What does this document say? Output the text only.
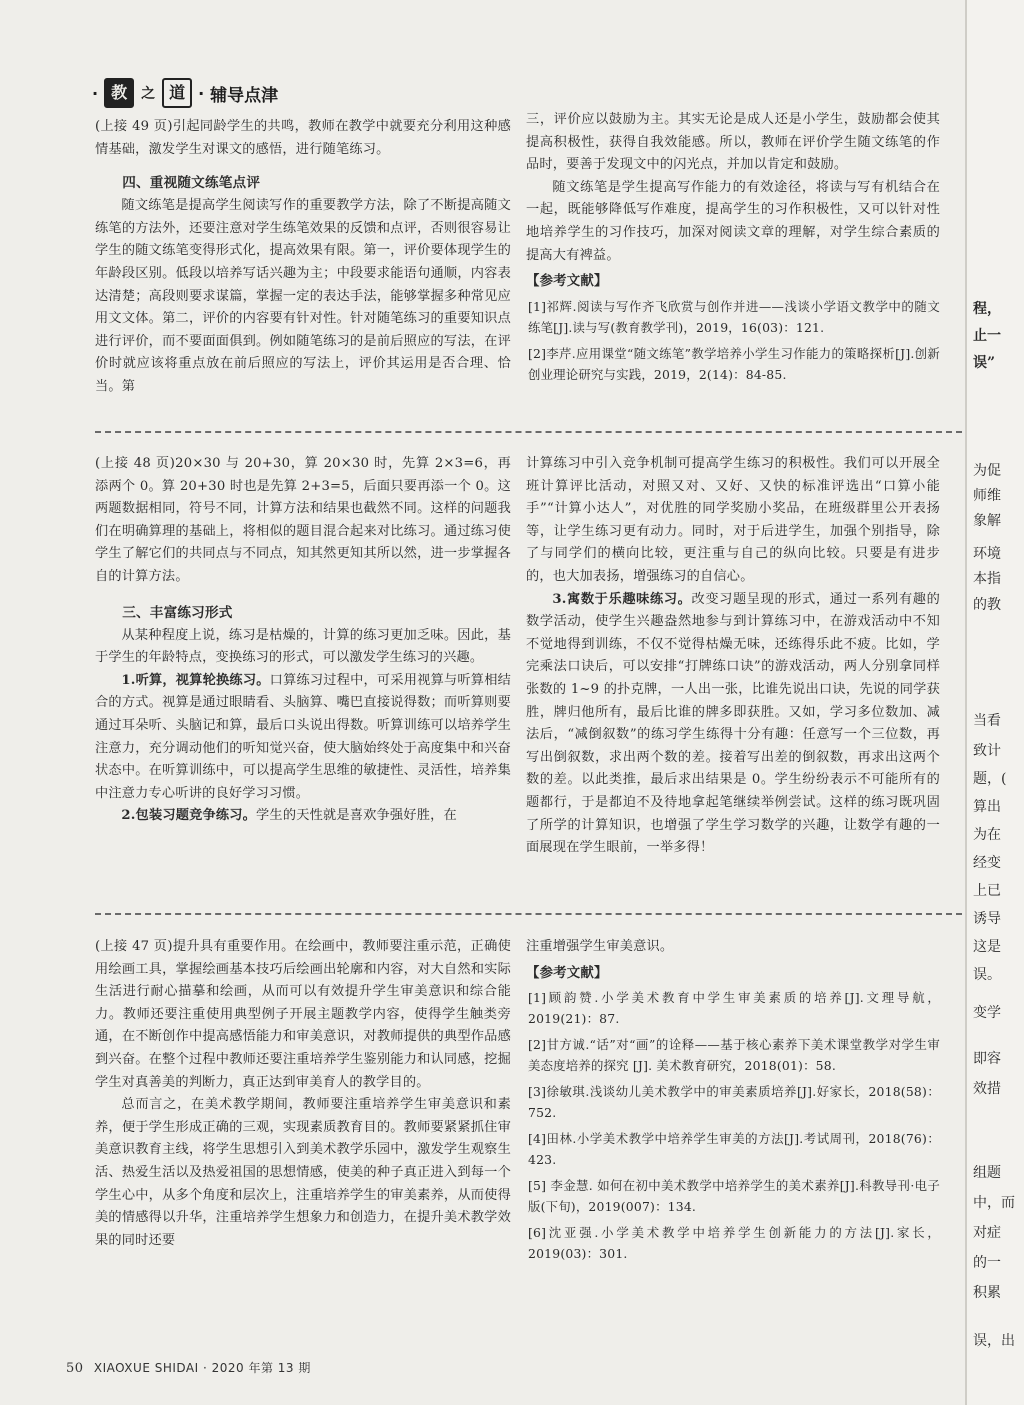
· 教	之 道 · 辅导点津

(上接 49 页)引起同龄学生的共鸣，教师在教学中就要充分利用这种感情基础，激发学生对课文的感悟，进行随笔练习。

四、重视随文练笔点评

随文练笔是提高学生阅读写作的重要教学方法，除了不断提高随文练笔的方法外，还要注意对学生练笔效果的反馈和点评，否则很容易让学生的随文练笔变得形式化，提高效果有限。第一，评价要体现学生的年龄段区别。低段以培养写话兴趣为主；中段要求能语句通顺，内容表达清楚；高段则要求谋篇，掌握一定的表达手法，能够掌握多种常见应用文文体。第二，评价的内容要有针对性。针对随笔练习的重要知识点进行评价，而不要面面俱到。例如随笔练习的是前后照应的写法，在评价时就应该将重点放在前后照应的写法上，评价其运用是否合理、恰当。第

三，评价应以鼓励为主。其实无论是成人还是小学生，鼓励都会使其提高积极性，获得自我效能感。所以，教师在评价学生随文练笔的作品时，要善于发现文中的闪光点，并加以肯定和鼓励。

随文练笔是学生提高写作能力的有效途径，将读与写有机结合在一起，既能够降低写作难度，提高学生的习作积极性，又可以针对性地培养学生的习作技巧，加深对阅读文章的理解，对学生综合素质的提高大有裨益。

【参考文献】

[1]祁辉.阅读与写作齐飞欣赏与创作并进——浅谈小学语文教学中的随文练笔[J].读与写(教育教学刊)，2019，16(03)：121.

[2]李芹.应用课堂“随文练笔”教学培养小学生习作能力的策略探析[J].创新创业理论研究与实践，2019，2(14)：84-85.

(上接 48 页)20×30 与 20+30，算 20×30 时，先算 2×3=6，再添两个 0。算 20+30 时也是先算 2+3=5，后面只要再添一个 0。这两题数据相同，符号不同，计算方法和结果也截然不同。这样的问题我们在明确算理的基础上，将相似的题目混合起来对比练习。通过练习使学生了解它们的共同点与不同点，知其然更知其所以然，进一步掌握各自的计算方法。

三、丰富练习形式

从某种程度上说，练习是枯燥的，计算的练习更加乏味。因此，基于学生的年龄特点，变换练习的形式，可以激发学生练习的兴趣。

1.听算，视算轮换练习。口算练习过程中，可采用视算与听算相结合的方式。视算是通过眼睛看、头脑算、嘴巴直接说得数；而听算则要通过耳朵听、头脑记和算，最后口头说出得数。听算训练可以培养学生注意力，充分调动他们的听知觉兴奋，使大脑始终处于高度集中和兴奋状态中。在听算训练中，可以提高学生思维的敏捷性、灵活性，培养集中注意力专心听讲的良好学习习惯。

2.包装习题竞争练习。学生的天性就是喜欢争强好胜，在

计算练习中引入竞争机制可提高学生练习的积极性。我们可以开展全班计算评比活动，对照又对、又好、又快的标准评选出“口算小能手”“计算小达人”，对优胜的同学奖励小奖品，在班级群里公开表扬等，让学生练习更有动力。同时，对于后进学生，加强个别指导，除了与同学们的横向比较，更注重与自己的纵向比较。只要是有进步的，也大加表扬，增强练习的自信心。

3.寓数于乐趣味练习。改变习题呈现的形式，通过一系列有趣的数学活动，使学生兴趣盎然地参与到计算练习中，在游戏活动中不知不觉地得到训练，不仅不觉得枯燥无味，还练得乐此不疲。比如，学完乘法口诀后，可以安排“打牌练口诀”的游戏活动，两人分别拿同样张数的 1~9 的扑克牌，一人出一张，比谁先说出口诀，先说的同学获胜，牌归他所有，最后比谁的牌多即获胜。又如，学习多位数加、减法后，“减倒叙数”的练习学生练得十分有趣：任意写一个三位数，再写出倒叙数，求出两个数的差。接着写出差的倒叙数，再求出这两个数的差。以此类推，最后求出结果是 0。学生纷纷表示不可能所有的题都行，于是都迫不及待地拿起笔继续举例尝试。这样的练习既巩固了所学的计算知识，也增强了学生学习数学的兴趣，让数学有趣的一面展现在学生眼前，一举多得！

(上接 47 页)提升具有重要作用。在绘画中，教师要注重示范，正确使用绘画工具，掌握绘画基本技巧后绘画出轮廓和内容，对大自然和实际生活进行耐心描摹和绘画，从而可以有效提升学生审美意识和综合能力。教师还要注重使用典型例子开展主题教学内容，使得学生触类旁通，在不断创作中提高感悟能力和审美意识，对教师提供的典型作品感到兴奋。在整个过程中教师还要注重培养学生鉴别能力和认同感，挖掘学生对真善美的判断力，真正达到审美育人的教学目的。

总而言之，在美术教学期间，教师要注重培养学生审美意识和素养，便于学生形成正确的三观，实现素质教育目的。教师要紧紧抓住审美意识教育主线，将学生思想引入到美术教学乐园中，激发学生观察生活、热爱生活以及热爱祖国的思想情感，使美的种子真正进入到每一个学生心中，从多个角度和层次上，注重培养学生的审美素养，从而使得美的情感得以升华，注重培养学生想象力和创造力，在提升美术教学效果的同时还要

注重增强学生审美意识。

【参考文献】

[1]顾韵赞.小学美术教育中学生审美素质的培养[J].文理导航，2019(21)：87.

[2]甘方诚.“话”对“画”的诠释——基于核心素养下美术课堂教学对学生审美态度培养的探究 [J]. 美术教育研究，2018(01)：58.

[3]徐敏琪.浅谈幼儿美术教学中的审美素质培养[J].好家长，2018(58)：752.

[4]田林.小学美术教学中培养学生审美的方法[J].考试周刊，2018(76)：423.

[5] 李金慧. 如何在初中美术教学中培养学生的美术素养[J].科教导刊·电子版(下旬)，2019(007)：134.

[6]沈亚强.小学美术教学中培养学生创新能力的方法[J].家长，2019(03)：301.

50 XIAOXUE SHIDAI · 2020 年第 13 期
程，
止一
误”
为促
师维
象解
环境
本指
的教
当看
致计
题，(
算出
为在
经变
上已
诱导
这是
误。
变学
即容
效措
组题
中，而
对症
的一
积累
误，出
